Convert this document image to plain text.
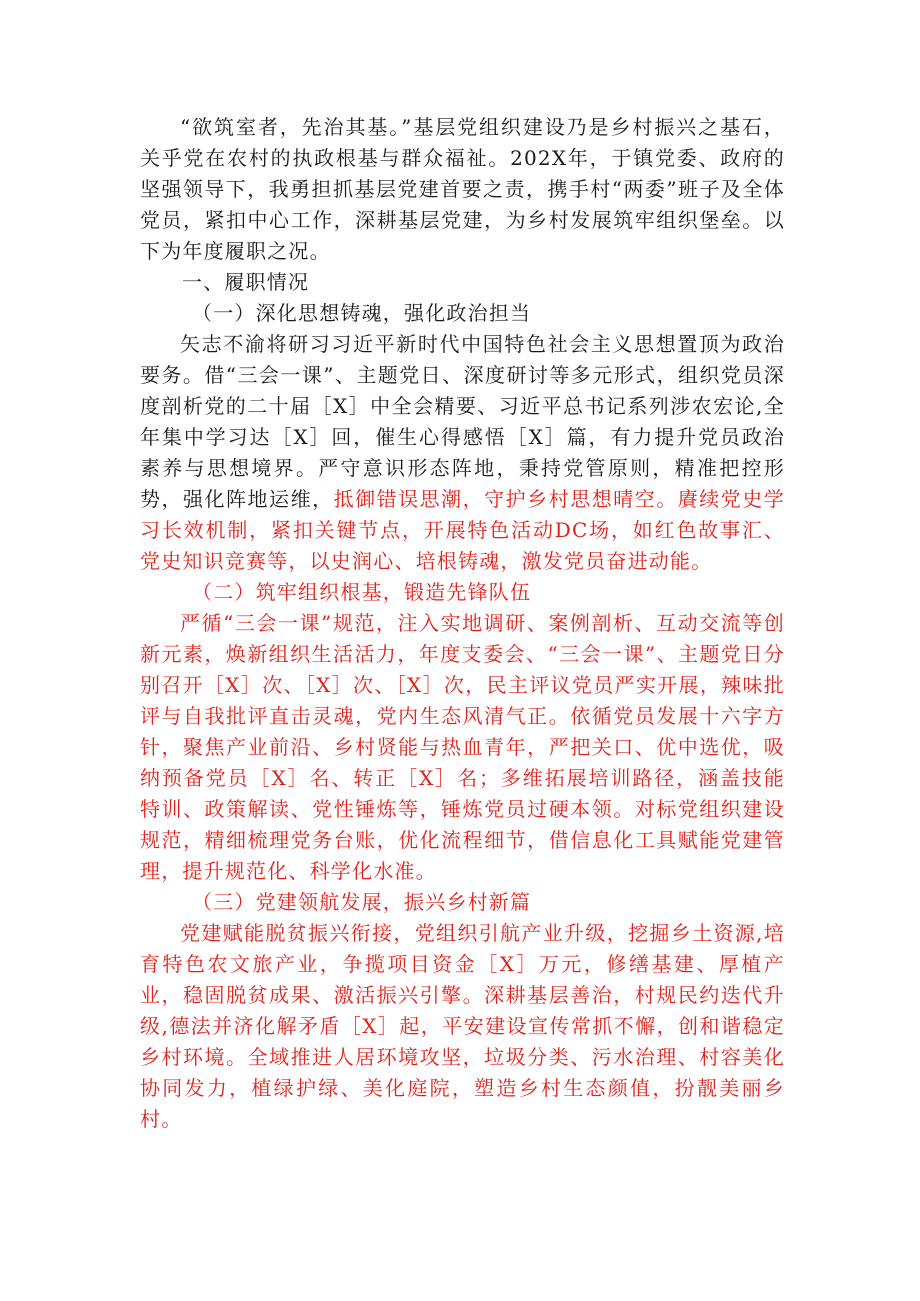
“欲筑室者，先治其基。”基层党组织建设乃是乡村振兴之基石，关乎党在农村的执政根基与群众福祉。202X年，于镇党委、政府的坚强领导下，我勇担抓基层党建首要之责，携手村“两委”班子及全体党员，紧扣中心工作，深耕基层党建，为乡村发展筑牢组织堡垒。以下为年度履职之况。

一、履职情况

（一）深化思想铸魂，强化政治担当

矢志不渝将研习习近平新时代中国特色社会主义思想置顶为政治要务。借“三会一课”、主题党日、深度研讨等多元形式，组织党员深度剖析党的二十届［X］中全会精要、习近平总书记系列涉农宏论,全年集中学习达［X］回，催生心得感悟［X］篇，有力提升党员政治素养与思想境界。严守意识形态阵地，秉持党管原则，精准把控形势，强化阵地运维，抵御错误思潮，守护乡村思想晴空。賡续党史学习长效机制，紧扣关键节点，开展特色活动DC场，如红色故事汇、党史知识竞赛等，以史润心、培根铸魂，激发党员奋进动能。

（二）筑牢组织根基，锻造先锋队伍

严循“三会一课”规范，注入实地调研、案例剖析、互动交流等创新元素，焕新组织生活活力，年度支委会、“三会一课”、主题党日分别召开［X］次、［X］次、［X］次，民主评议党员严实开展，辣味批评与自我批评直击灵魂，党内生态风清气正。依循党员发展十六字方针，聚焦产业前沿、乡村贤能与热血青年，严把关口、优中选优，吸纳预备党员［X］名、转正［X］名；多维拓展培训路径，涵盖技能特训、政策解读、党性锤炼等，锤炼党员过硬本领。对标党组织建设规范，精细梳理党务台账，优化流程细节，借信息化工具赋能党建管理，提升规范化、科学化水准。

（三）党建领航发展，振兴乡村新篇

党建赋能脱贫振兴衔接，党组织引航产业升级，挖掘乡土资源,培育特色农文旅产业，争揽项目资金［X］万元，修缮基建、厚植产业，稳固脱贫成果、激活振兴引擎。深耕基层善治，村规民约迭代升级,德法并济化解矛盾［X］起，平安建设宣传常抓不懈，创和谐稳定乡村环境。全域推进人居环境攻坚，垃圾分类、污水治理、村容美化协同发力，植绿护绿、美化庭院，塑造乡村生态颜值，扮靓美丽乡村。
